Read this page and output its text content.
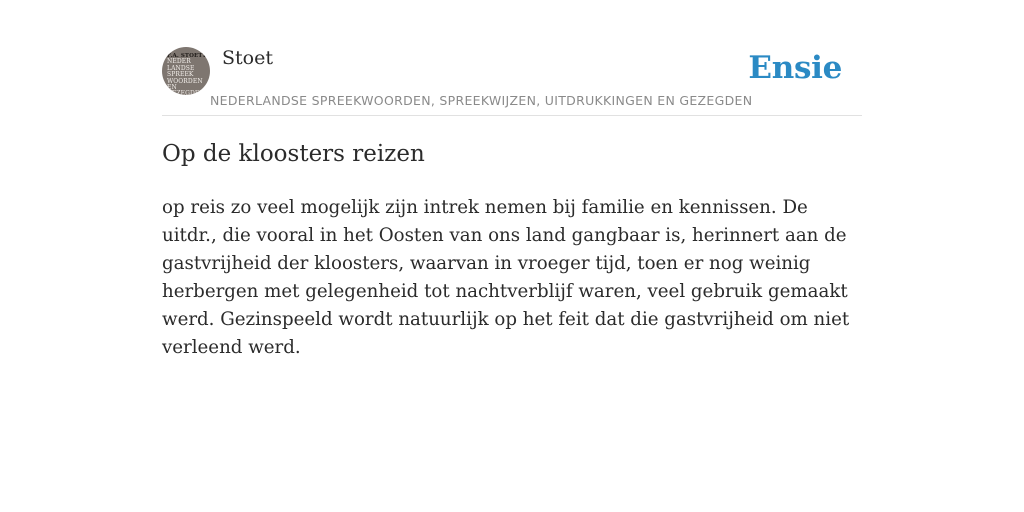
F.A. STOETT
NEDER
LANDSE
SPREEK
WOORDEN EN
GEZEGDEN
Stoet	Ensie
NEDERLANDSE SPREEKWOORDEN, SPREEKWIJZEN, UITDRUKKINGEN EN GEZEGDEN
Op de kloosters reizen

op reis zo veel mogelijk zijn intrek nemen bij familie en kennissen. De uitdr., die vooral in het Oosten van ons land gangbaar is, herinnert aan de gastvrijheid der kloosters, waarvan in vroeger tijd, toen er nog weinig herbergen met gelegenheid tot nachtverblijf waren, veel gebruik gemaakt werd. Gezinspeeld wordt natuurlijk op het feit dat die gastvrijheid om niet verleend werd.
